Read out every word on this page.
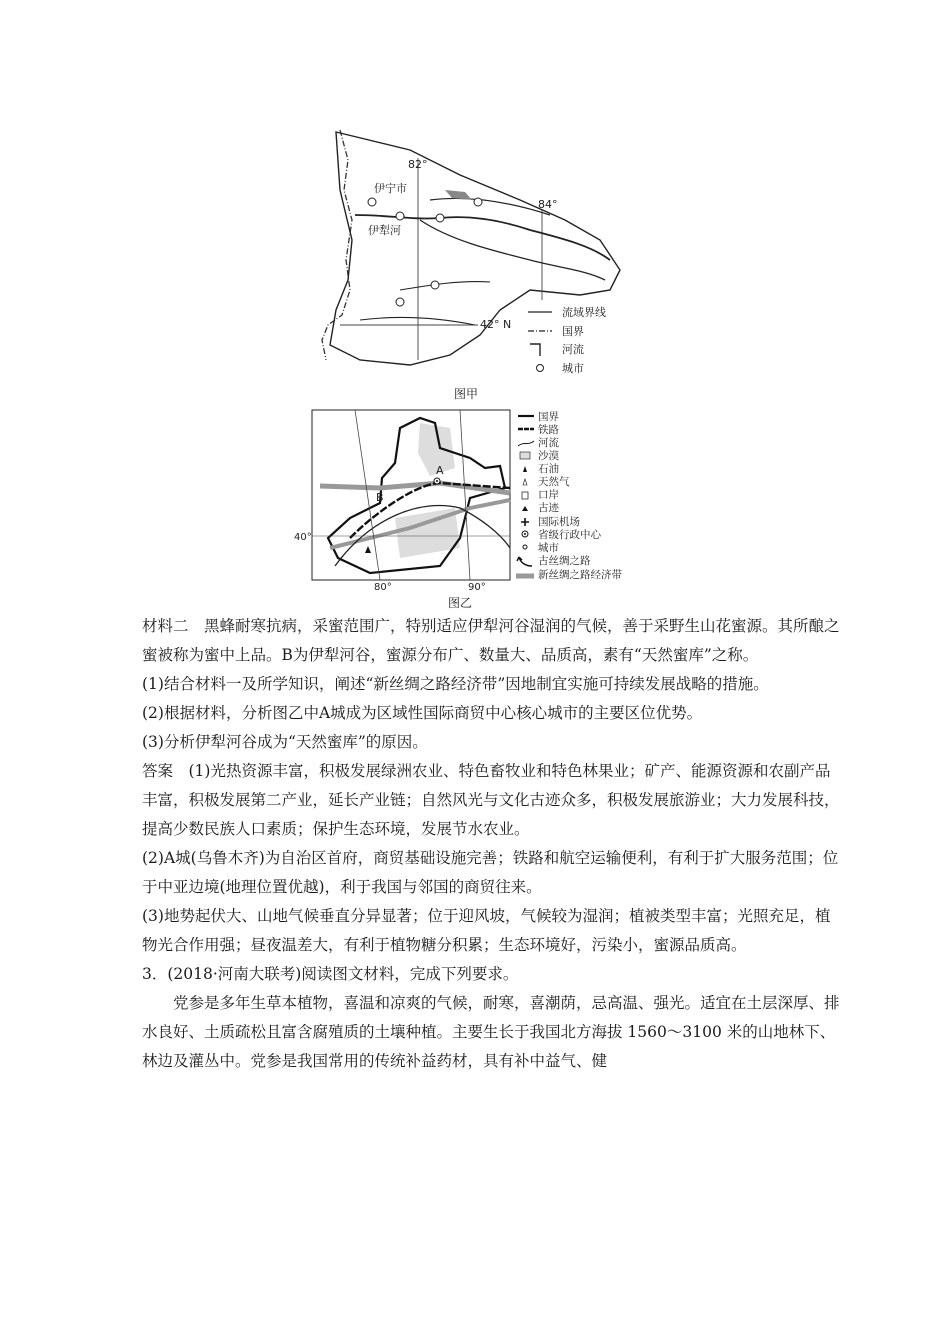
82°
84°
42° N
伊宁市
伊犁河
流域界线
国界
河流
城市
图甲
A
B
40°
80°	90°
国界
铁路
河流
沙漠
石油
天然气
口岸
古迹
国际机场
省级行政中心
城市
古丝绸之路
新丝绸之路经济带
图乙

材料二　黑蜂耐寒抗病，采蜜范围广，特别适应伊犁河谷湿润的气候，善于采野生山花蜜源。其所酿之蜜被称为蜜中上品。B为伊犁河谷，蜜源分布广、数量大、品质高，素有“天然蜜库”之称。

(1)结合材料一及所学知识，阐述“新丝绸之路经济带”因地制宜实施可持续发展战略的措施。

(2)根据材料，分析图乙中A城成为区域性国际商贸中心核心城市的主要区位优势。

(3)分析伊犁河谷成为“天然蜜库”的原因。

答案　(1)光热资源丰富，积极发展绿洲农业、特色畜牧业和特色林果业；矿产、能源资源和农副产品丰富，积极发展第二产业，延长产业链；自然风光与文化古迹众多，积极发展旅游业；大力发展科技，提高少数民族人口素质；保护生态环境，发展节水农业。

(2)A城(乌鲁木齐)为自治区首府，商贸基础设施完善；铁路和航空运输便利，有利于扩大服务范围；位于中亚边境(地理位置优越)，利于我国与邻国的商贸往来。

(3)地势起伏大、山地气候垂直分异显著；位于迎风坡，气候较为湿润；植被类型丰富；光照充足，植物光合作用强；昼夜温差大，有利于植物糖分积累；生态环境好，污染小，蜜源品质高。

3．(2018·河南大联考)阅读图文材料，完成下列要求。

党参是多年生草本植物，喜温和凉爽的气候，耐寒，喜潮荫，忌高温、强光。适宜在土层深厚、排水良好、土质疏松且富含腐殖质的土壤种植。主要生长于我国北方海拔 1560～3100 米的山地林下、林边及灌丛中。党参是我国常用的传统补益药材，具有补中益气、健
